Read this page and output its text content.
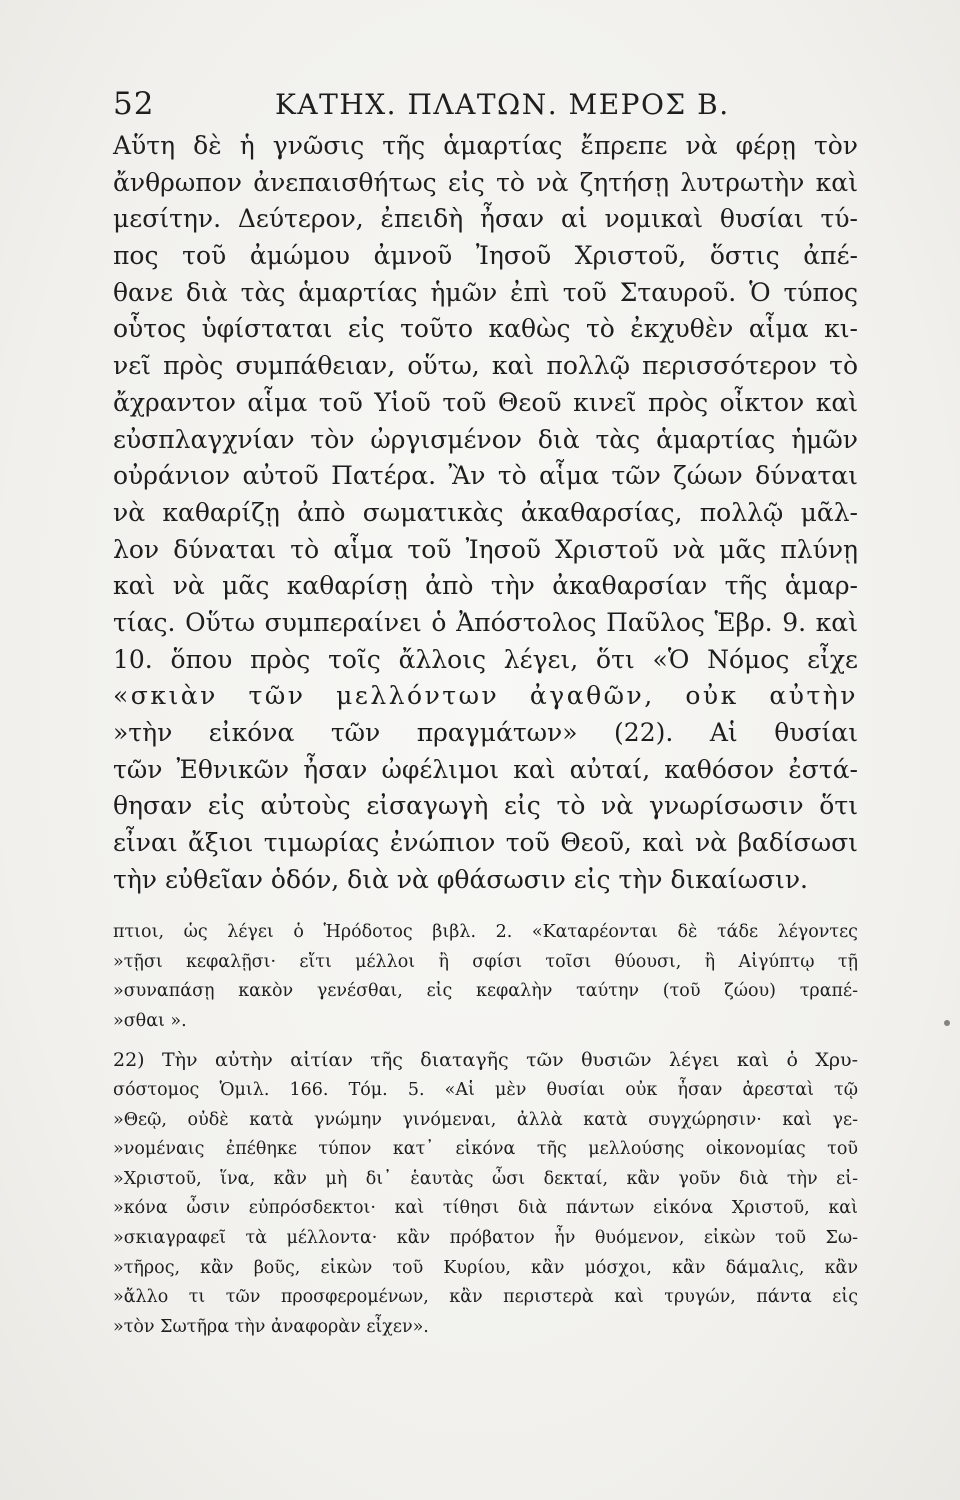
52	ΚΑΤΗΧ. ΠΛΑΤΩΝ. ΜΕΡΟΣ Β.
Αὕτη δὲ ἡ γνῶσις τῆς ἁμαρτίας ἔπρεπε νὰ φέρῃ τὸν
ἄνθρωπον ἀνεπαισθήτως εἰς τὸ νὰ ζητήσῃ λυτρωτὴν καὶ
μεσίτην. Δεύτερον, ἐπειδὴ ἦσαν αἱ νομικαὶ θυσίαι τύ-
πος τοῦ ἀμώμου ἀμνοῦ Ἰησοῦ Χριστοῦ, ὅστις ἀπέ-
θανε διὰ τὰς ἁμαρτίας ἡμῶν ἐπὶ τοῦ Σταυροῦ. Ὁ τύπος
οὗτος ὑφίσταται εἰς τοῦτο καθὼς τὸ ἐκχυθὲν αἷμα κι-
νεῖ πρὸς συμπάθειαν, οὕτω, καὶ πολλῷ περισσότερον τὸ
ἄχραντον αἷμα τοῦ Υἱοῦ τοῦ Θεοῦ κινεῖ πρὸς οἶκτον καὶ
εὐσπλαγχνίαν τὸν ὠργισμένον διὰ τὰς ἁμαρτίας ἡμῶν
οὐράνιον αὐτοῦ Πατέρα. Ἂν τὸ αἷμα τῶν ζώων δύναται
νὰ καθαρίζῃ ἀπὸ σωματικὰς ἀκαθαρσίας, πολλῷ μᾶλ-
λον δύναται τὸ αἷμα τοῦ Ἰησοῦ Χριστοῦ νὰ μᾶς πλύνῃ
καὶ νὰ μᾶς καθαρίσῃ ἀπὸ τὴν ἀκαθαρσίαν τῆς ἁμαρ-
τίας. Οὕτω συμπεραίνει ὁ Ἀπόστολος Παῦλος Ἑβρ. 9. καὶ
10. ὅπου πρὸς τοῖς ἄλλοις λέγει, ὅτι «Ὁ Νόμος εἶχε
«σκιὰν τῶν μελλόντων ἀγαθῶν, οὐκ αὐτὴν
»τὴν εἰκόνα τῶν πραγμάτων» (22). Αἱ θυσίαι
τῶν Ἐθνικῶν ἦσαν ὠφέλιμοι καὶ αὐταί, καθόσον ἐστά-
θησαν εἰς αὐτοὺς εἰσαγωγὴ εἰς τὸ νὰ γνωρίσωσιν ὅτι
εἶναι ἄξιοι τιμωρίας ἐνώπιον τοῦ Θεοῦ, καὶ νὰ βαδίσωσι
τὴν εὐθεῖαν ὁδόν, διὰ νὰ φθάσωσιν εἰς τὴν δικαίωσιν.
πτιοι, ὡς λέγει ὁ Ἡρόδοτος βιβλ. 2. «Καταρέονται δὲ τάδε λέγοντες
»τῇσι κεφαλῇσι· εἴτι μέλλοι ἢ σφίσι τοῖσι θύουσι, ἢ Αἰγύπτῳ τῇ
»συναπάσῃ κακὸν γενέσθαι, εἰς κεφαλὴν ταύτην (τοῦ ζώου) τραπέ-
»σθαι ».
22) Τὴν αὐτὴν αἰτίαν τῆς διαταγῆς τῶν θυσιῶν λέγει καὶ ὁ Χρυ-
σόστομος Ὁμιλ. 166. Τόμ. 5. «Αἱ μὲν θυσίαι οὐκ ἦσαν ἀρεσταὶ τῷ
»Θεῷ, οὐδὲ κατὰ γνώμην γινόμεναι, ἀλλὰ κατὰ συγχώρησιν· καὶ γε-
»νομέναις ἐπέθηκε τύπον κατ᾽ εἰκόνα τῆς μελλούσης οἰκονομίας τοῦ
»Χριστοῦ, ἵνα, κἂν μὴ δι᾽ ἑαυτὰς ὦσι δεκταί, κἂν γοῦν διὰ τὴν εἰ-
»κόνα ὦσιν εὐπρόσδεκτοι· καὶ τίθησι διὰ πάντων εἰκόνα Χριστοῦ, καὶ
»σκιαγραφεῖ τὰ μέλλοντα· κἂν πρόβατον ἦν θυόμενον, εἰκὼν τοῦ Σω-
»τῆρος, κἂν βοῦς, εἰκὼν τοῦ Κυρίου, κἂν μόσχοι, κἂν δάμαλις, κἂν
»ἄλλο τι τῶν προσφερομένων, κἂν περιστερὰ καὶ τρυγών, πάντα εἰς
»τὸν Σωτῆρα τὴν ἀναφορὰν εἶχεν».
